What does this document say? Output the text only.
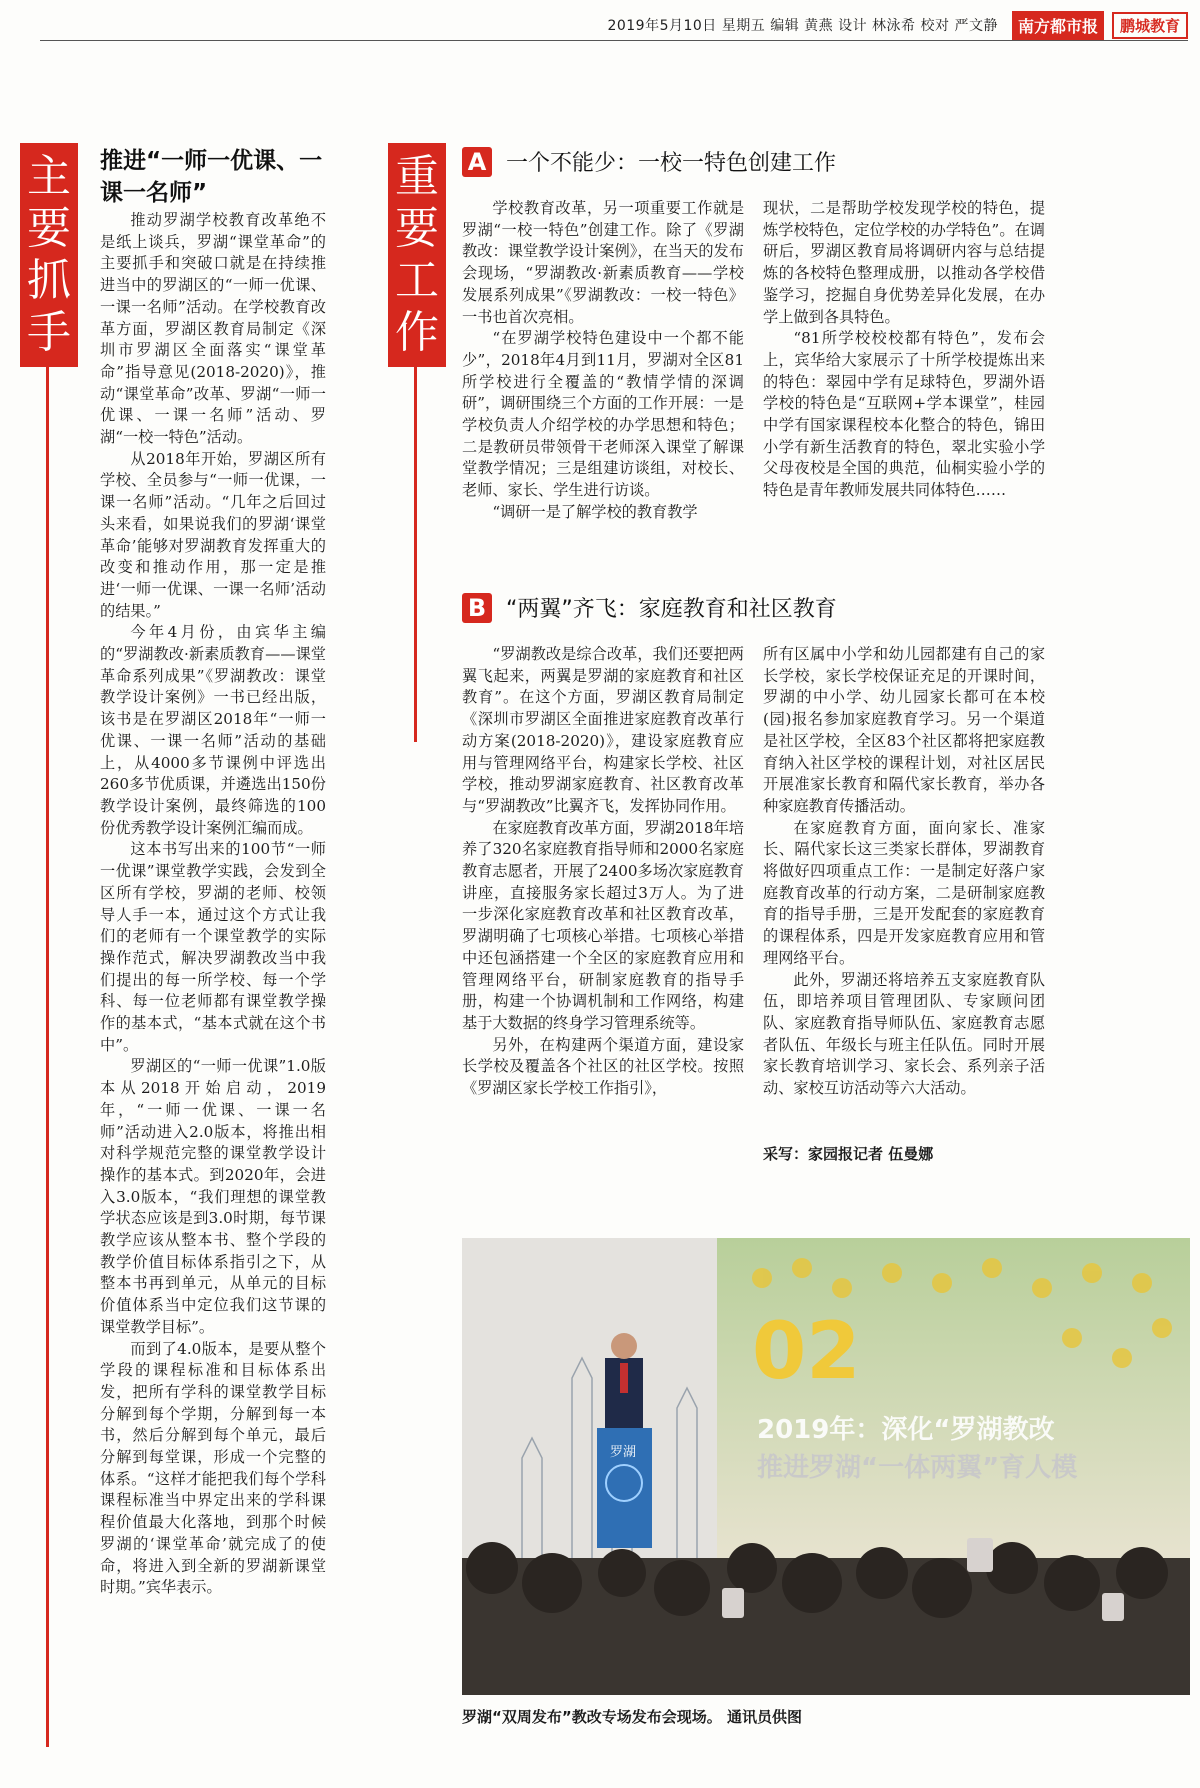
2019年5月10日 星期五 编辑 黄燕 设计 林泳希 校对 严文静	南方都市报	鹏城教育
主
要
抓
手
重
要
工
作
推进“一师一优课、一课一名师”

推动罗湖学校教育改革绝不是纸上谈兵，罗湖“课堂革命”的主要抓手和突破口就是在持续推进当中的罗湖区的“一师一优课、一课一名师”活动。在学校教育改革方面，罗湖区教育局制定《深圳市罗湖区全面落实“课堂革命”指导意见(2018-2020)》，推动“课堂革命”改革、罗湖“一师一优课、一课一名师”活动、罗湖“一校一特色”活动。

从2018年开始，罗湖区所有学校、全员参与“一师一优课，一课一名师”活动。“几年之后回过头来看，如果说我们的罗湖‘课堂革命’能够对罗湖教育发挥重大的改变和推动作用，那一定是推进‘一师一优课、一课一名师’活动的结果。”

今年4月份，由宾华主编的“罗湖教改·新素质教育——课堂革命系列成果”《罗湖教改：课堂教学设计案例》一书已经出版，该书是在罗湖区2018年“一师一优课、一课一名师”活动的基础上，从4000多节课例中评选出260多节优质课，并遴选出150份教学设计案例，最终筛选的100份优秀教学设计案例汇编而成。

这本书写出来的100节“一师一优课”课堂教学实践，会发到全区所有学校，罗湖的老师、校领导人手一本，通过这个方式让我们的老师有一个课堂教学的实际操作范式，解决罗湖教改当中我们提出的每一所学校、每一个学科、每一位老师都有课堂教学操作的基本式，“基本式就在这个书中”。

罗湖区的“一师一优课”1.0版本从2018开始启动，2019年，“一师一优课、一课一名师”活动进入2.0版本，将推出相对科学规范完整的课堂教学设计操作的基本式。到2020年，会进入3.0版本，“我们理想的课堂教学状态应该是到3.0时期，每节课教学应该从整本书、整个学段的教学价值目标体系指引之下，从整本书再到单元，从单元的目标价值体系当中定位我们这节课的课堂教学目标”。

而到了4.0版本，是要从整个学段的课程标准和目标体系出发，把所有学科的课堂教学目标分解到每个学期，分解到每一本书，然后分解到每个单元，最后分解到每堂课，形成一个完整的体系。“这样才能把我们每个学科课程标准当中界定出来的学科课程价值最大化落地，到那个时候罗湖的‘课堂革命’就完成了的使命，将进入到全新的罗湖新课堂时期。”宾华表示。

A 一个不能少：一校一特色创建工作

学校教育改革，另一项重要工作就是罗湖“一校一特色”创建工作。除了《罗湖教改：课堂教学设计案例》，在当天的发布会现场，“罗湖教改·新素质教育——学校发展系列成果”《罗湖教改：一校一特色》一书也首次亮相。

“在罗湖学校特色建设中一个都不能少”，2018年4月到11月，罗湖对全区81所学校进行全覆盖的“教情学情的深调研”，调研围绕三个方面的工作开展：一是学校负责人介绍学校的办学思想和特色；二是教研员带领骨干老师深入课堂了解课堂教学情况；三是组建访谈组，对校长、老师、家长、学生进行访谈。

“调研一是了解学校的教育教学

现状，二是帮助学校发现学校的特色，提炼学校特色，定位学校的办学特色”。在调研后，罗湖区教育局将调研内容与总结提炼的各校特色整理成册，以推动各学校借鉴学习，挖掘自身优势差异化发展，在办学上做到各具特色。

“81所学校校校都有特色”，发布会上，宾华给大家展示了十所学校提炼出来的特色：翠园中学有足球特色，罗湖外语学校的特色是“互联网+学本课堂”，桂园中学有国家课程校本化整合的特色，锦田小学有新生活教育的特色，翠北实验小学父母夜校是全国的典范，仙桐实验小学的特色是青年教师发展共同体特色……

B “两翼”齐飞：家庭教育和社区教育

“罗湖教改是综合改革，我们还要把两翼飞起来，两翼是罗湖的家庭教育和社区教育”。在这个方面，罗湖区教育局制定《深圳市罗湖区全面推进家庭教育改革行动方案(2018-2020)》，建设家庭教育应用与管理网络平台，构建家长学校、社区学校，推动罗湖家庭教育、社区教育改革与“罗湖教改”比翼齐飞，发挥协同作用。

在家庭教育改革方面，罗湖2018年培养了320名家庭教育指导师和2000名家庭教育志愿者，开展了2400多场次家庭教育讲座，直接服务家长超过3万人。为了进一步深化家庭教育改革和社区教育改革，罗湖明确了七项核心举措。七项核心举措中还包涵搭建一个全区的家庭教育应用和管理网络平台，研制家庭教育的指导手册，构建一个协调机制和工作网络，构建基于大数据的终身学习管理系统等。

另外，在构建两个渠道方面，建设家长学校及覆盖各个社区的社区学校。按照《罗湖区家长学校工作指引》，

所有区属中小学和幼儿园都建有自己的家长学校，家长学校保证充足的开课时间，罗湖的中小学、幼儿园家长都可在本校(园)报名参加家庭教育学习。另一个渠道是社区学校，全区83个社区都将把家庭教育纳入社区学校的课程计划，对社区居民开展准家长教育和隔代家长教育，举办各种家庭教育传播活动。

在家庭教育方面，面向家长、准家长、隔代家长这三类家长群体，罗湖教育将做好四项重点工作：一是制定好落户家庭教育改革的行动方案，二是研制家庭教育的指导手册，三是开发配套的家庭教育的课程体系，四是开发家庭教育应用和管理网络平台。

此外，罗湖还将培养五支家庭教育队伍，即培养项目管理团队、专家顾问团队、家庭教育指导师队伍、家庭教育志愿者队伍、年级长与班主任队伍。同时开展家长教育培训学习、家长会、系列亲子活动、家校互访活动等六大活动。

采写：家园报记者 伍曼娜
02
2019年：深化“罗湖教改
推进罗湖“一体两翼”育人模
罗湖
罗湖“双周发布”教改专场发布会现场。 通讯员供图
